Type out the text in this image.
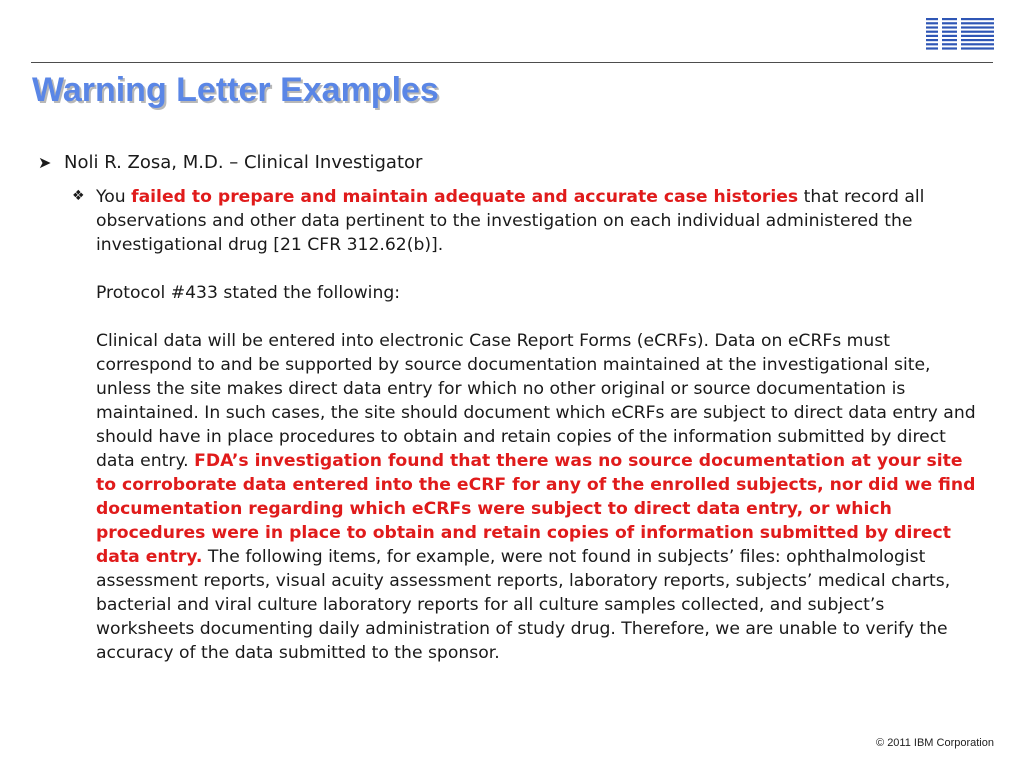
Warning Letter Examples
➤ Noli R. Zosa, M.D. – Clinical Investigator
❖ You failed to prepare and maintain adequate and accurate case histories that record all observations and other data pertinent to the investigation on each individual administered the investigational drug [21 CFR 312.62(b)].

Protocol #433 stated the following:

Clinical data will be entered into electronic Case Report Forms (eCRFs). Data on eCRFs must correspond to and be supported by source documentation maintained at the investigational site, unless the site makes direct data entry for which no other original or source documentation is maintained. In such cases, the site should document which eCRFs are subject to direct data entry and should have in place procedures to obtain and retain copies of the information submitted by direct data entry. FDA’s investigation found that there was no source documentation at your site to corroborate data entered into the eCRF for any of the enrolled subjects, nor did we find documentation regarding which eCRFs were subject to direct data entry, or which procedures were in place to obtain and retain copies of information submitted by direct data entry. The following items, for example, were not found in subjects’ files: ophthalmologist assessment reports, visual acuity assessment reports, laboratory reports, subjects’ medical charts, bacterial and viral culture laboratory reports for all culture samples collected, and subject’s worksheets documenting daily administration of study drug. Therefore, we are unable to verify the accuracy of the data submitted to the sponsor.

© 2011 IBM Corporation
